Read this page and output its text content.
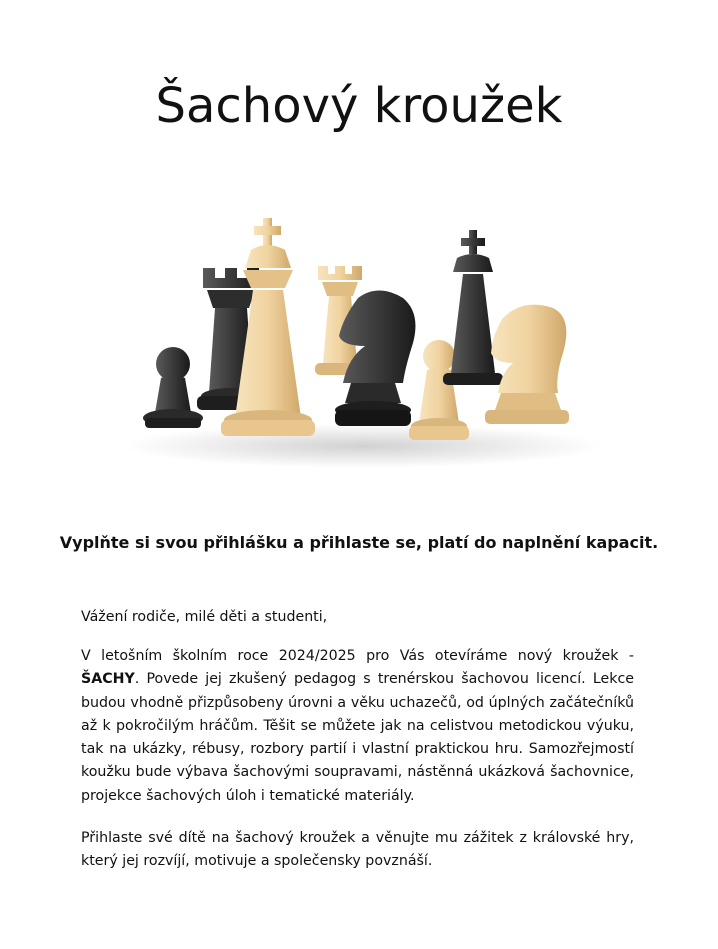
Šachový kroužek

Vyplňte si svou přihlášku a přihlaste se, platí do naplnění kapacit.

Vážení rodiče, milé děti a studenti,

V letošním školním roce 2024/2025 pro Vás otevíráme nový kroužek - ŠACHY. Povede jej zkušený pedagog s trenérskou šachovou licencí. Lekce budou vhodně přizpůsobeny úrovni a věku uchazečů, od úplných začátečníků až k pokročilým hráčům. Těšit se můžete jak na celistvou metodickou výuku, tak na ukázky, rébusy, rozbory partií i vlastní praktickou hru. Samozřejmostí koužku bude výbava šachovými soupravami, nástěnná ukázková šachovnice, projekce šachových úloh i tematické materiály.

Přihlaste své dítě na šachový kroužek a věnujte mu zážitek z královské hry, který jej rozvíjí, motivuje a společensky povznáší.
